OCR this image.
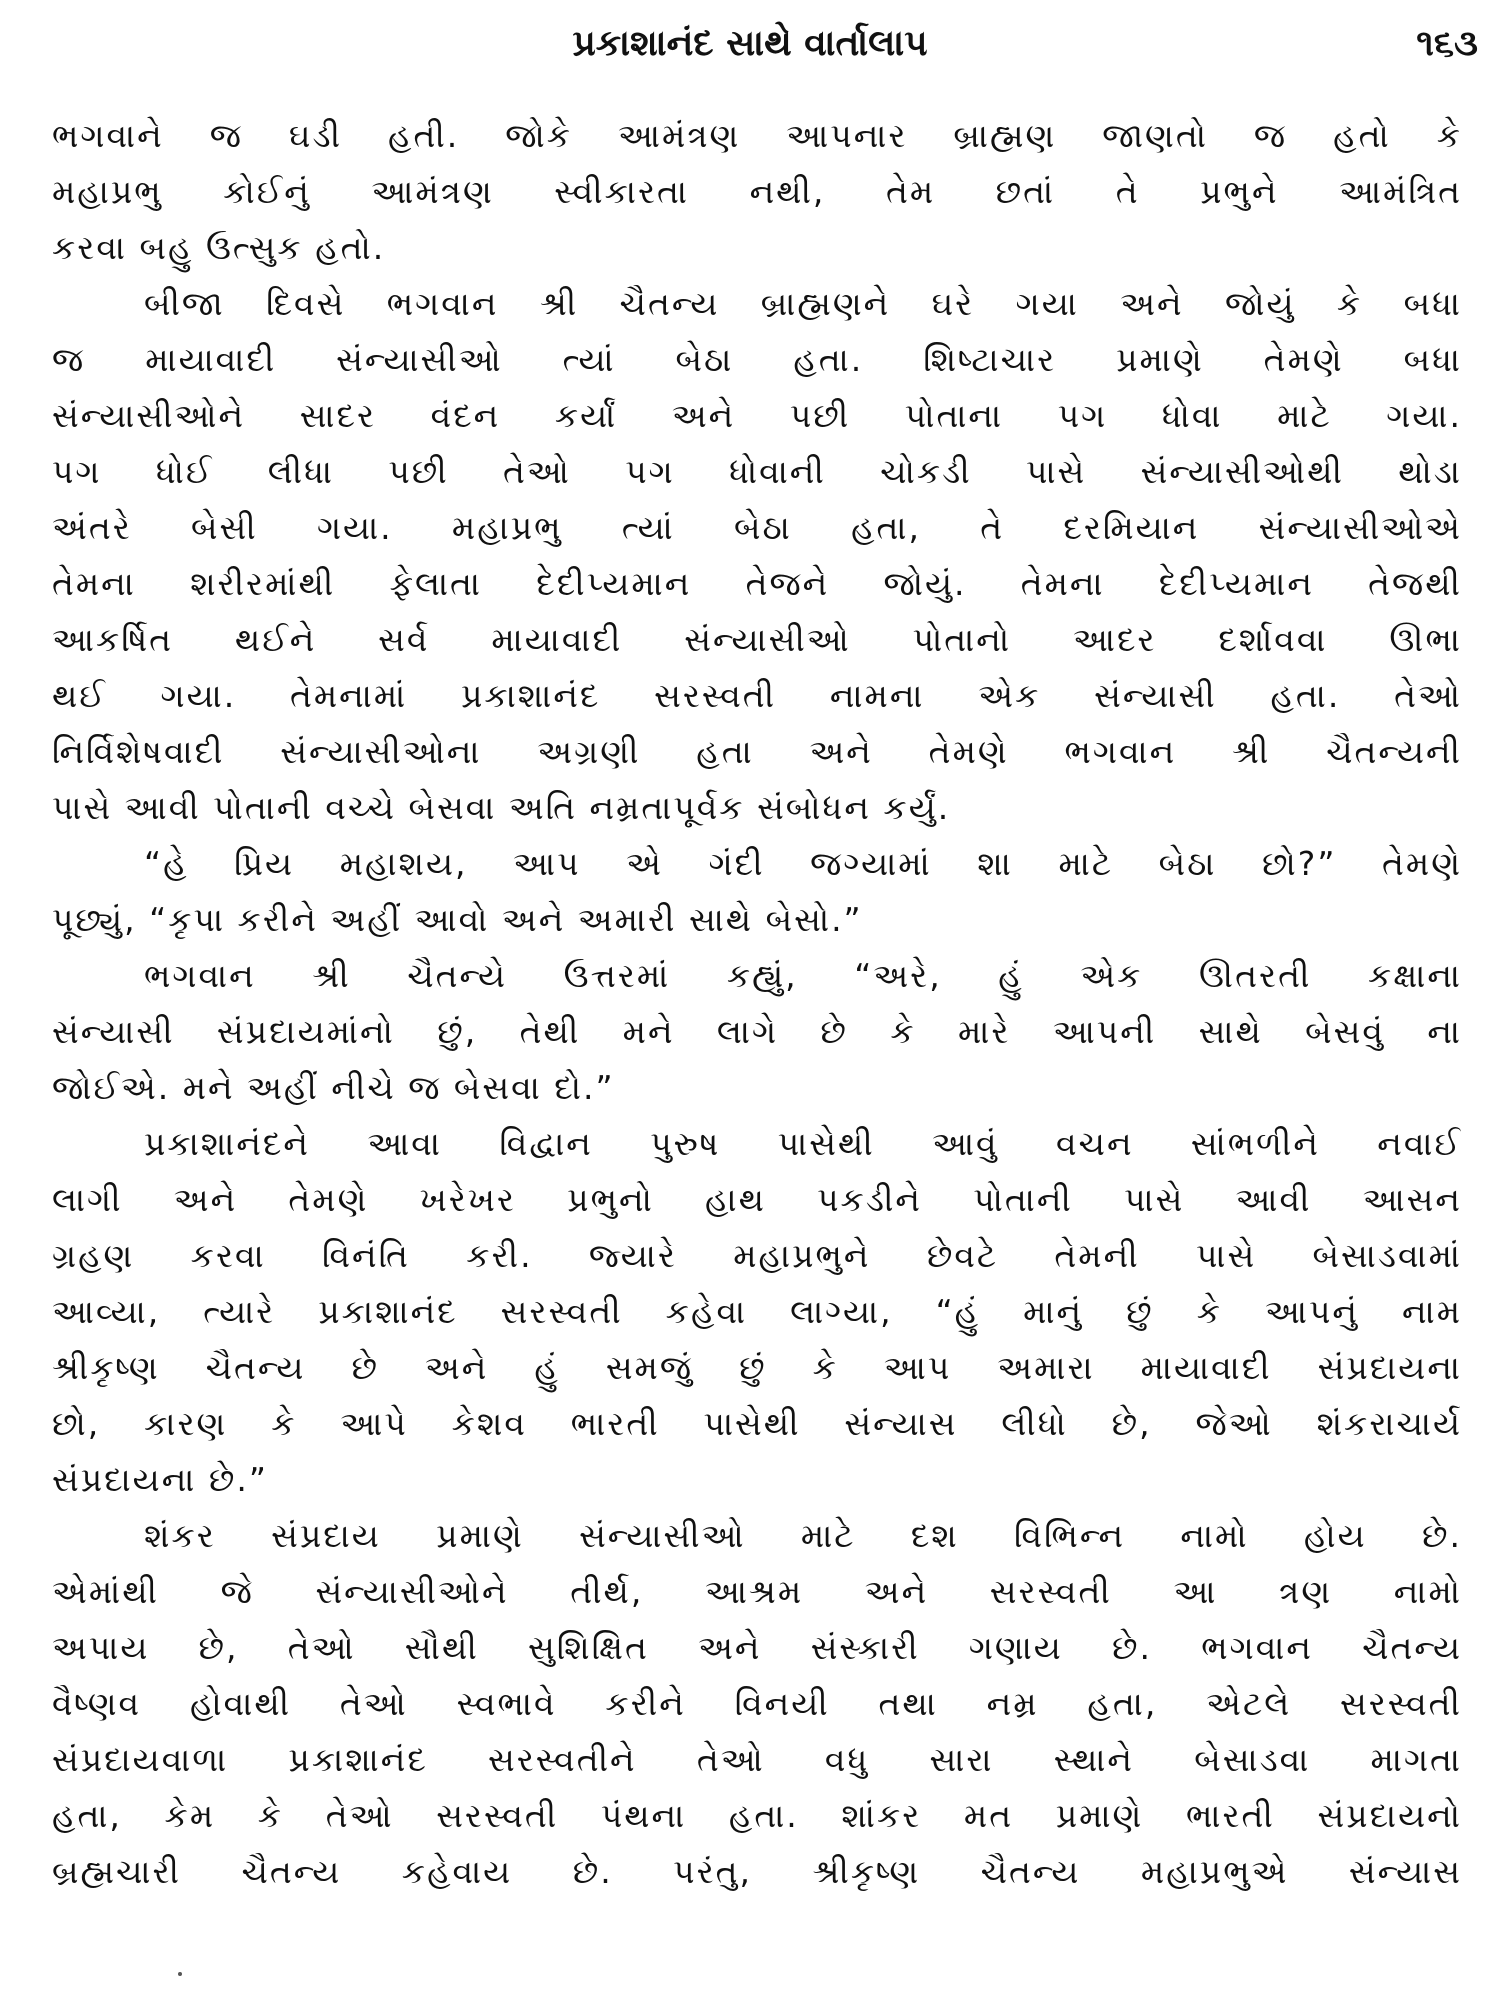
પ્રકાશાનંદ સાથે વાર્તાલાપ	૧૬૩
ભગવાને જ ઘડી હતી. જોકે આમંત્રણ આપનાર બ્રાહ્મણ જાણતો જ હતો કે
મહાપ્રભુ કોઈનું આમંત્રણ સ્વીકારતા નથી, તેમ છતાં તે પ્રભુને આમંત્રિત
કરવા બહુ ઉત્સુક હતો.
બીજા દિવસે ભગવાન શ્રી ચૈતન્ય બ્રાહ્મણને ઘરે ગયા અને જોયું કે બધા
જ માયાવાદી સંન્યાસીઓ ત્યાં બેઠા હતા. શિષ્ટાચાર પ્રમાણે તેમણે બધા
સંન્યાસીઓને સાદર વંદન કર્યાં અને પછી પોતાના પગ ધોવા માટે ગયા.
પગ ધોઈ લીધા પછી તેઓ પગ ધોવાની ચોકડી પાસે સંન્યાસીઓથી થોડા
અંતરે બેસી ગયા. મહાપ્રભુ ત્યાં બેઠા હતા, તે દરમિયાન સંન્યાસીઓએ
તેમના શરીરમાંથી ફેલાતા દેદીપ્યમાન તેજને જોયું. તેમના દેદીપ્યમાન તેજથી
આકર્ષિત થઈને સર્વ માયાવાદી સંન્યાસીઓ પોતાનો આદર દર્શાવવા ઊભા
થઈ ગયા. તેમનામાં પ્રકાશાનંદ સરસ્વતી નામના એક સંન્યાસી હતા. તેઓ
નિર્વિશેષવાદી સંન્યાસીઓના અગ્રણી હતા અને તેમણે ભગવાન શ્રી ચૈતન્યની
પાસે આવી પોતાની વચ્ચે બેસવા અતિ નમ્રતાપૂર્વક સંબોધન કર્યું.
“હે પ્રિય મહાશય, આપ એ ગંદી જગ્યામાં શા માટે બેઠા છો?” તેમણે
પૂછ્યું, “કૃપા કરીને અહીં આવો અને અમારી સાથે બેસો.”
ભગવાન શ્રી ચૈતન્યે ઉત્તરમાં કહ્યું, “અરે, હું એક ઊતરતી કક્ષાના
સંન્યાસી સંપ્રદાયમાંનો છું, તેથી મને લાગે છે કે મારે આપની સાથે બેસવું ના
જોઈએ. મને અહીં નીચે જ બેસવા દો.”
પ્રકાશાનંદને આવા વિદ્વાન પુરુષ પાસેથી આવું વચન સાંભળીને નવાઈ
લાગી અને તેમણે ખરેખર પ્રભુનો હાથ પકડીને પોતાની પાસે આવી આસન
ગ્રહણ કરવા વિનંતિ કરી. જ્યારે મહાપ્રભુને છેવટે તેમની પાસે બેસાડવામાં
આવ્યા, ત્યારે પ્રકાશાનંદ સરસ્વતી કહેવા લાગ્યા, “હું માનું છું કે આપનું નામ
શ્રીકૃષ્ણ ચૈતન્ય છે અને હું સમજું છું કે આપ અમારા માયાવાદી સંપ્રદાયના
છો, કારણ કે આપે કેશવ ભારતી પાસેથી સંન્યાસ લીધો છે, જેઓ શંકરાચાર્ય
સંપ્રદાયના છે.”
શંકર સંપ્રદાય પ્રમાણે સંન્યાસીઓ માટે દશ વિભિન્ન નામો હોય છે.
એમાંથી જે સંન્યાસીઓને તીર્થ, આશ્રમ અને સરસ્વતી આ ત્રણ નામો
અપાય છે, તેઓ સૌથી સુશિક્ષિત અને સંસ્કારી ગણાય છે. ભગવાન ચૈતન્ય
વૈષ્ણવ હોવાથી તેઓ સ્વભાવે કરીને વિનયી તથા નમ્ર હતા, એટલે સરસ્વતી
સંપ્રદાયવાળા પ્રકાશાનંદ સરસ્વતીને તેઓ વધુ સારા સ્થાને બેસાડવા માગતા
હતા, કેમ કે તેઓ સરસ્વતી પંથના હતા. શાંકર મત પ્રમાણે ભારતી સંપ્રદાયનો
બ્રહ્મચારી ચૈતન્ય કહેવાય છે. પરંતુ, શ્રીકૃષ્ણ ચૈતન્ય મહાપ્રભુએ સંન્યાસ
